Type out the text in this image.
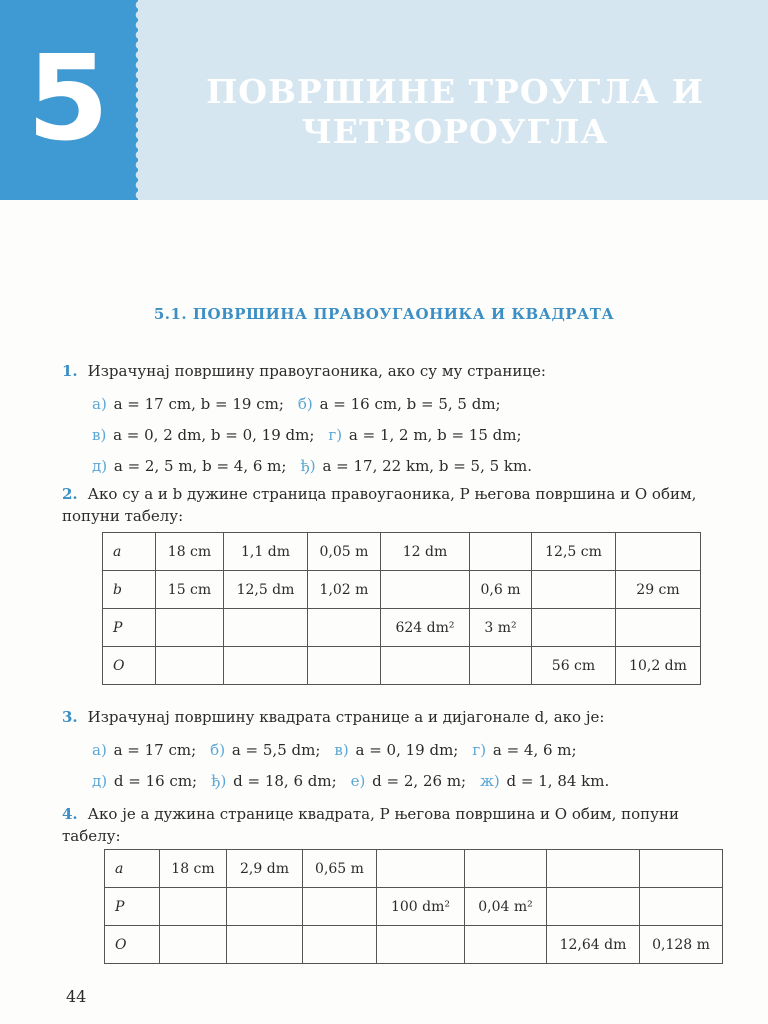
5	ПОВРШИНЕ ТРОУГЛА И
ЧЕТВОРОУГЛА
5.1. ПОВРШИНА ПРАВОУГАОНИКА И КВАДРАТА
1. Израчунај површину правоугаоника, ако су му странице:
а) a = 17 cm, b = 19 cm; б) a = 16 cm, b = 5, 5 dm;
в) a = 0, 2 dm, b = 0, 19 dm; г) a = 1, 2 m, b = 15 dm;
д) a = 2, 5 m, b = 4, 6 m; ђ) a = 17, 22 km, b = 5, 5 km.
2. Ако су a и b дужине страница правоугаоника, P његова површина и O обим, попуни табелу:
a	18 cm	1,1 dm	0,05 m	12 dm		12,5 cm	
b	15 cm	12,5 dm	1,02 m		0,6 m		29 cm
P				624 dm²	3 m²		
O						56 cm	10,2 dm
3. Израчунај површину квадрата странице a и дијагонале d, ако је:
а) a = 17 cm; б) a = 5,5 dm; в) a = 0, 19 dm; г) a = 4, 6 m;
д) d = 16 cm; ђ) d = 18, 6 dm; е) d = 2, 26 m; ж) d = 1, 84 km.
4. Ако је a дужина странице квадрата, P његова површина и O обим, попуни табелу:
a	18 cm	2,9 dm	0,65 m				
P				100 dm²	0,04 m²		
O						12,64 dm	0,128 m
44
